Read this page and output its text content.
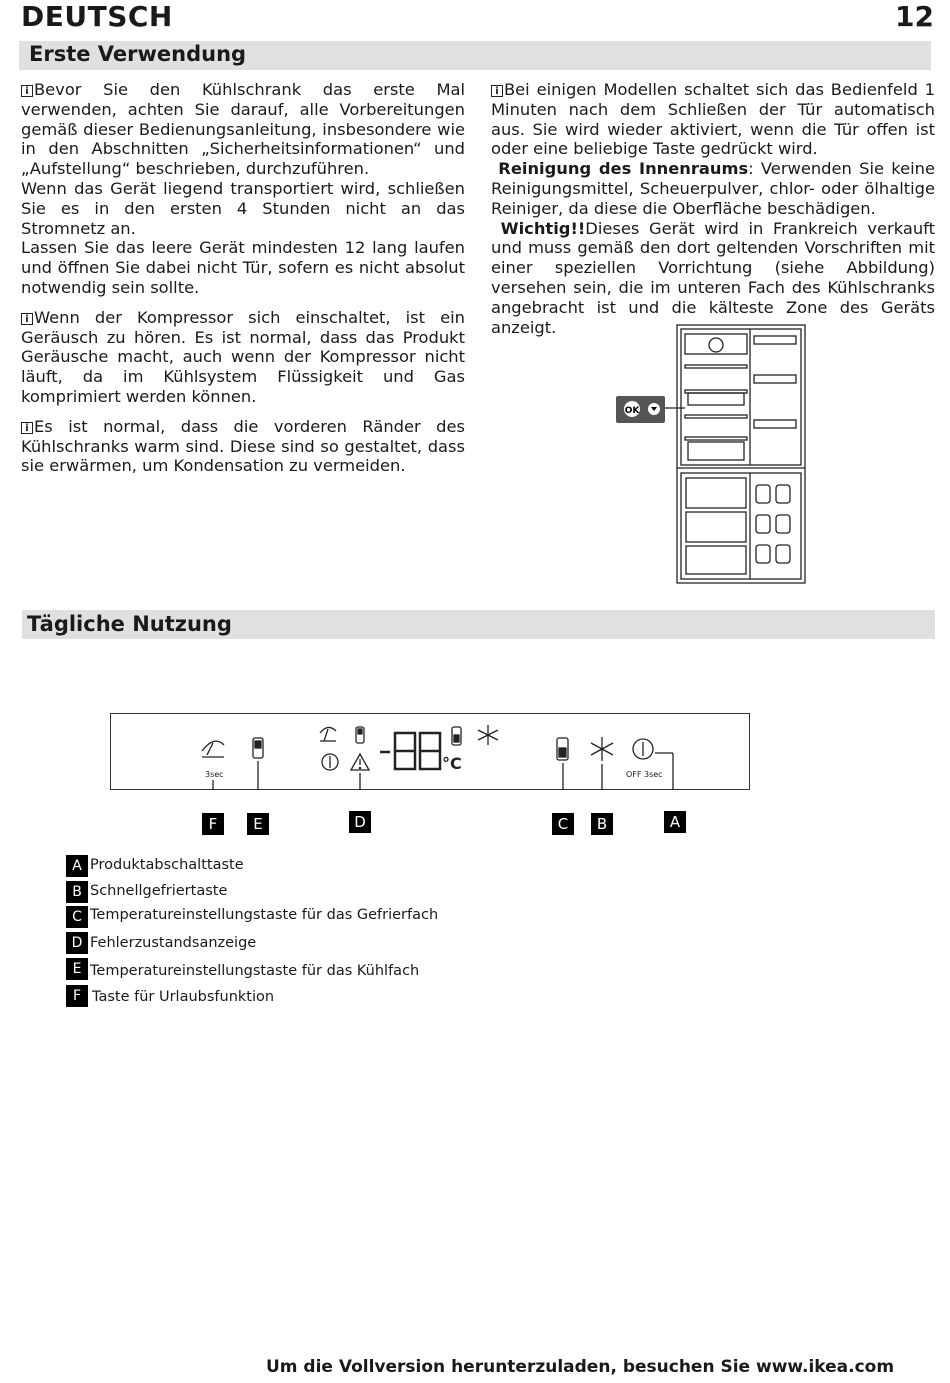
DEUTSCH	12
Erste Verwendung

i Bevor Sie den Kühlschrank das erste Mal verwenden, achten Sie darauf, alle Vorbereitungen gemäß dieser Bedienungsanleitung, insbesondere wie in den Abschnitten „Sicherheitsinformationen“ und „Aufstellung“ beschrieben, durchzuführen.

Wenn das Gerät liegend transportiert wird, schließen Sie es in den ersten 4 Stunden nicht an das Stromnetz an.

Lassen Sie das leere Gerät mindesten 12 lang laufen und öffnen Sie dabei nicht Tür, sofern es nicht absolut notwendig sein sollte.

i Wenn der Kompressor sich einschaltet, ist ein Geräusch zu hören. Es ist normal, dass das Produkt Geräusche macht, auch wenn der Kompressor nicht läuft, da im Kühlsystem Flüssigkeit und Gas komprimiert werden können.

i Es ist normal, dass die vorderen Ränder des Kühlschranks warm sind. Diese sind so gestaltet, dass sie erwärmen, um Kondensation zu vermeiden.

i Bei einigen Modellen schaltet sich das Bedienfeld 1 Minuten nach dem Schließen der Tür automatisch aus. Sie wird wieder aktiviert, wenn die Tür offen ist oder eine beliebige Taste gedrückt wird.

Reinigung des Innenraums: Verwenden Sie keine Reinigungsmittel, Scheuerpulver, chlor- oder ölhaltige Reiniger, da diese die Oberfläche beschädigen.

Wichtig!!Dieses Gerät wird in Frankreich verkauft und muss gemäß den dort geltenden Vorschriften mit einer speziellen Vorrichtung (siehe Abbildung) versehen sein, die im unteren Fach des Kühlschranks angebracht ist und die kälteste Zone des Geräts anzeigt.

OK
Tägliche Nutzung
°C
3sec	OFF 3sec
F	E	D	C	B	A
A Produktabschalttaste
B Schnellgefriertaste
C Temperatureinstellungstaste für das Gefrierfach
D Fehlerzustandsanzeige
E Temperatureinstellungstaste für das Kühlfach
F Taste für Urlaubsfunktion
Um die Vollversion herunterzuladen, besuchen Sie www.ikea.com
